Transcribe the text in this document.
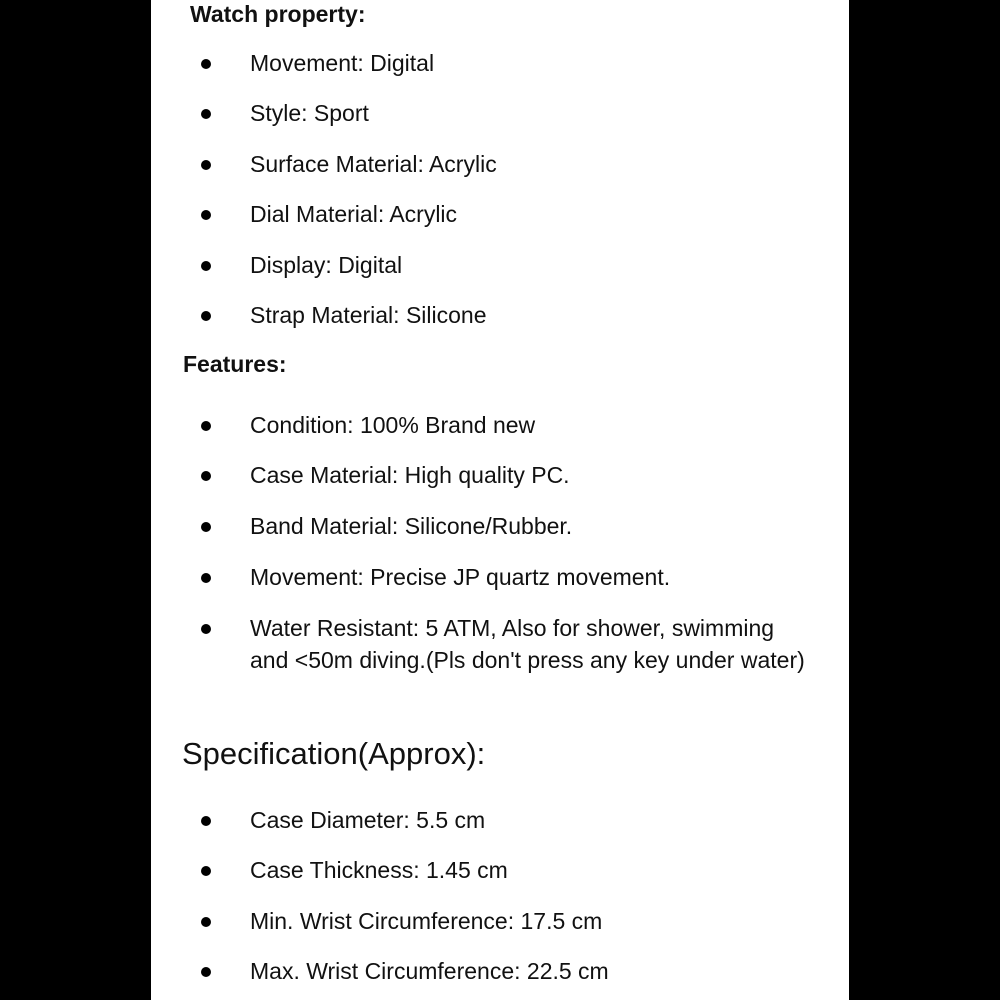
Watch property:
Movement: Digital
Style: Sport
Surface Material: Acrylic
Dial Material: Acrylic
Display: Digital
Strap Material: Silicone
Features:
Condition: 100% Brand new
Case Material: High quality PC.
Band Material: Silicone/Rubber.
Movement: Precise JP quartz movement.
Water Resistant: 5 ATM, Also for shower, swimming and <50m diving.(Pls don't press any key under water)
Specification(Approx):
Case Diameter: 5.5 cm
Case Thickness: 1.45 cm
Min. Wrist Circumference: 17.5 cm
Max. Wrist Circumference: 22.5 cm
